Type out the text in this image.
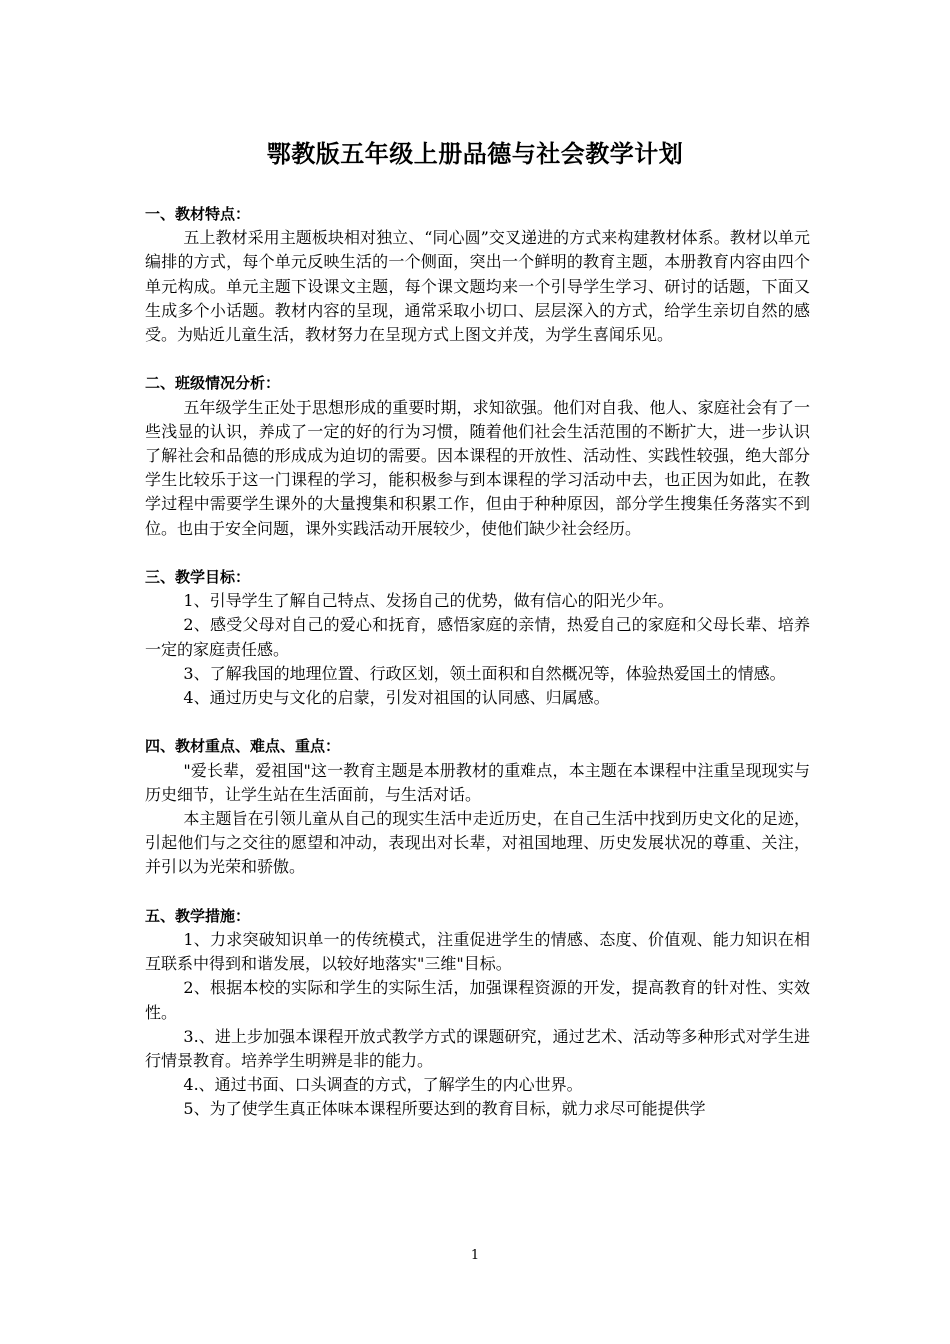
鄂教版五年级上册品德与社会教学计划
一、教材特点：
五上教材采用主题板块相对独立、“同心圆”交叉递进的方式来构建教材体系。教材以单元编排的方式，每个单元反映生活的一个侧面，突出一个鲜明的教育主题，本册教育内容由四个单元构成。单元主题下设课文主题，每个课文题均来一个引导学生学习、研讨的话题，下面又生成多个小话题。教材内容的呈现，通常采取小切口、层层深入的方式，给学生亲切自然的感受。为贴近儿童生活，教材努力在呈现方式上图文并茂，为学生喜闻乐见。
二、班级情况分析：
五年级学生正处于思想形成的重要时期，求知欲强。他们对自我、他人、家庭社会有了一些浅显的认识，养成了一定的好的行为习惯，随着他们社会生活范围的不断扩大，进一步认识了解社会和品德的形成成为迫切的需要。因本课程的开放性、活动性、实践性较强，绝大部分学生比较乐于这一门课程的学习，能积极参与到本课程的学习活动中去，也正因为如此，在教学过程中需要学生课外的大量搜集和积累工作，但由于种种原因，部分学生搜集任务落实不到位。也由于安全问题，课外实践活动开展较少，使他们缺少社会经历。
三、教学目标：
1、引导学生了解自己特点、发扬自己的优势，做有信心的阳光少年。
2、感受父母对自己的爱心和抚育，感悟家庭的亲情，热爱自己的家庭和父母长辈、培养一定的家庭责任感。
3、了解我国的地理位置、行政区划，领土面积和自然概况等，体验热爱国土的情感。
4、通过历史与文化的启蒙，引发对祖国的认同感、归属感。
四、教材重点、难点、重点：
"爱长辈，爱祖国"这一教育主题是本册教材的重难点，本主题在本课程中注重呈现现实与历史细节，让学生站在生活面前，与生活对话。
本主题旨在引领儿童从自己的现实生活中走近历史，在自己生活中找到历史文化的足迹，引起他们与之交往的愿望和冲动，表现出对长辈，对祖国地理、历史发展状况的尊重、关注，并引以为光荣和骄傲。
五、教学措施：
1、力求突破知识单一的传统模式，注重促进学生的情感、态度、价值观、能力知识在相互联系中得到和谐发展，以较好地落实"三维"目标。
2、根据本校的实际和学生的实际生活，加强课程资源的开发，提高教育的针对性、实效性。
3.、进上步加强本课程开放式教学方式的课题研究，通过艺术、活动等多种形式对学生进行情景教育。培养学生明辨是非的能力。
4.、通过书面、口头调查的方式，了解学生的内心世界。
5、为了使学生真正体味本课程所要达到的教育目标，就力求尽可能提供学
1
